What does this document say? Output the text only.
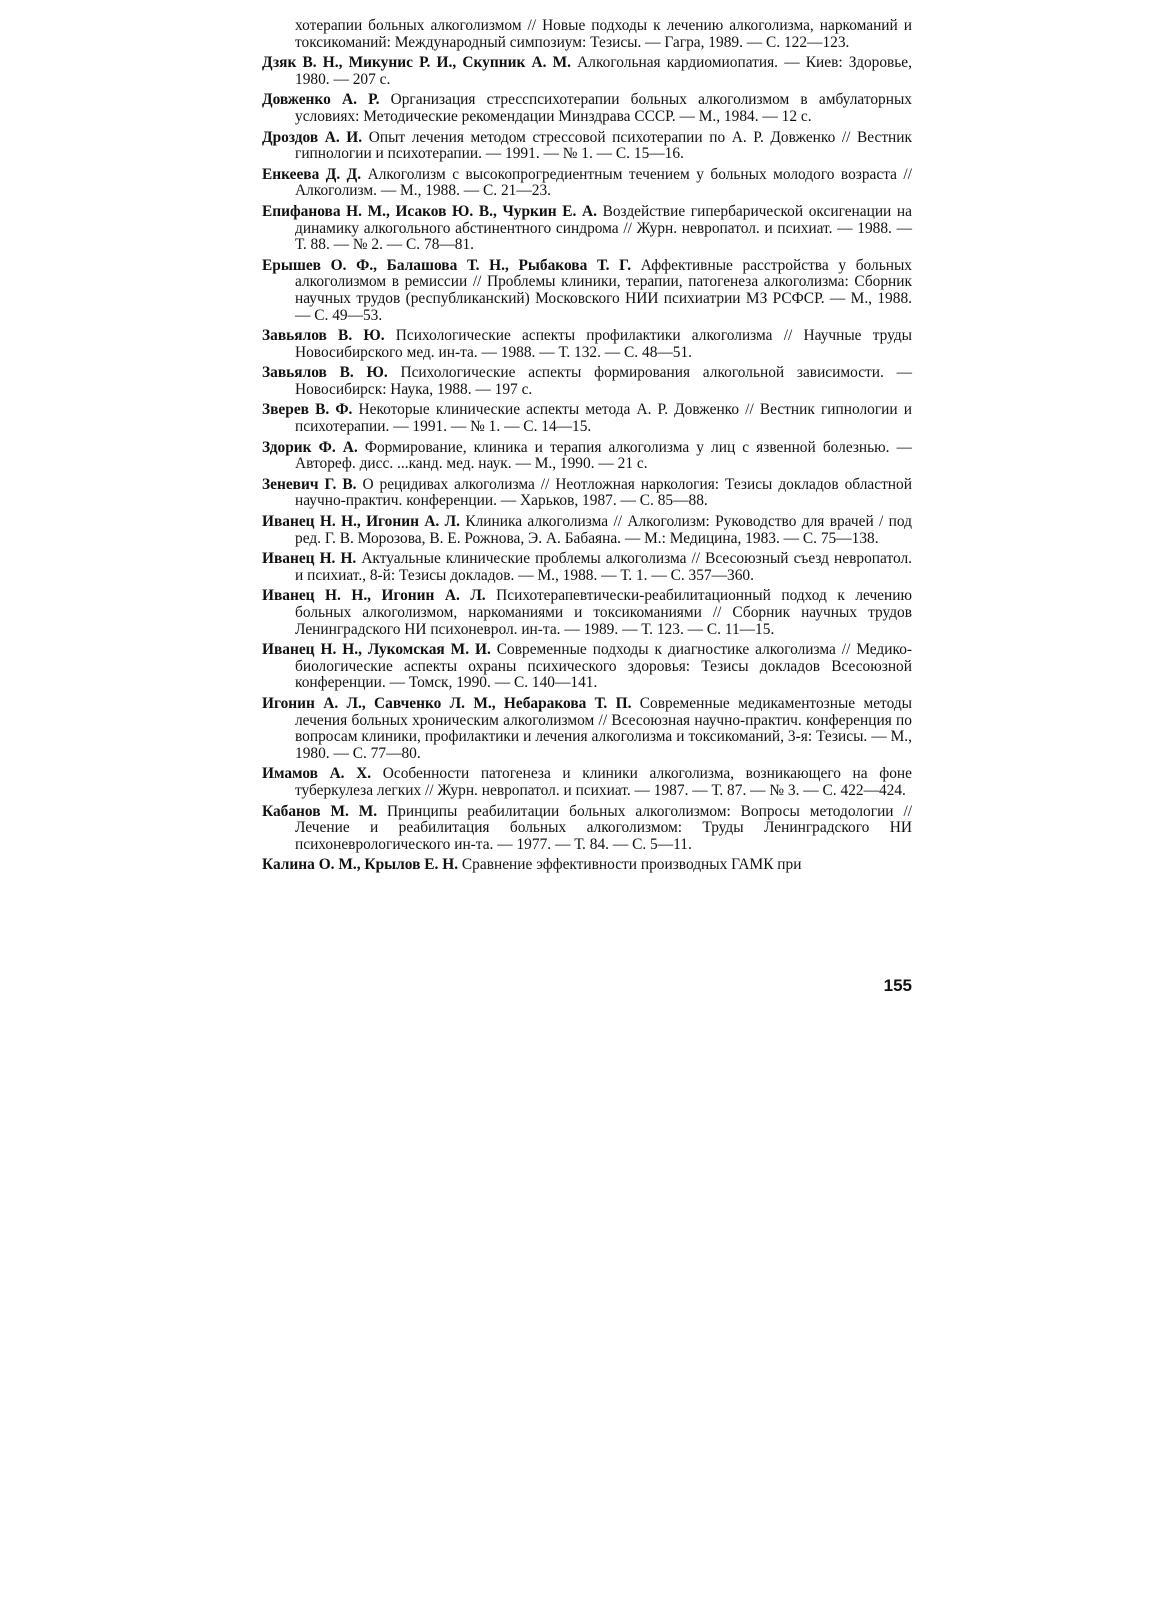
хотерапии больных алкоголизмом // Новые подходы к лечению алкоголизма, наркоманий и токсикоманий: Международный симпозиум: Тезисы. — Гагра, 1989. — С. 122—123.

Дзяк В. Н., Микунис Р. И., Скупник А. М. Алкогольная кардиомиопатия. — Киев: Здоровье, 1980. — 207 с.

Довженко А. Р. Организация стресспсихотерапии больных алкоголизмом в амбулаторных условиях: Методические рекомендации Минздрава СССР. — М., 1984. — 12 с.

Дроздов А. И. Опыт лечения методом стрессовой психотерапии по А. Р. Довженко // Вестник гипнологии и психотерапии. — 1991. — № 1. — С. 15—16.

Енкеева Д. Д. Алкоголизм с высокопрогредиентным течением у больных молодого возраста // Алкоголизм. — М., 1988. — С. 21—23.

Епифанова Н. М., Исаков Ю. В., Чуркин Е. А. Воздействие гипербарической оксигенации на динамику алкогольного абстинентного синдрома // Журн. невропатол. и психиат. — 1988. — Т. 88. — № 2. — С. 78—81.

Ерышев О. Ф., Балашова Т. Н., Рыбакова Т. Г. Аффективные расстройства у больных алкоголизмом в ремиссии // Проблемы клиники, терапии, патогенеза алкоголизма: Сборник научных трудов (республиканский) Московского НИИ психиатрии МЗ РСФСР. — М., 1988. — С. 49—53.

Завьялов В. Ю. Психологические аспекты профилактики алкоголизма // Научные труды Новосибирского мед. ин-та. — 1988. — Т. 132. — С. 48—51.

Завьялов В. Ю. Психологические аспекты формирования алкогольной зависимости. — Новосибирск: Наука, 1988. — 197 с.

Зверев В. Ф. Некоторые клинические аспекты метода А. Р. Довженко // Вестник гипнологии и психотерапии. — 1991. — № 1. — С. 14—15.

Здорик Ф. А. Формирование, клиника и терапия алкоголизма у лиц с язвенной болезнью. — Автореф. дисс. ...канд. мед. наук. — М., 1990. — 21 с.

Зеневич Г. В. О рецидивах алкоголизма // Неотложная наркология: Тезисы докладов областной научно-практич. конференции. — Харьков, 1987. — С. 85—88.

Иванец Н. Н., Игонин А. Л. Клиника алкоголизма // Алкоголизм: Руководство для врачей / под ред. Г. В. Морозова, В. Е. Рожнова, Э. А. Бабаяна. — М.: Медицина, 1983. — С. 75—138.

Иванец Н. Н. Актуальные клинические проблемы алкоголизма // Всесоюзный съезд невропатол. и психиат., 8-й: Тезисы докладов. — М., 1988. — Т. 1. — С. 357—360.

Иванец Н. Н., Игонин А. Л. Психотерапевтически-реабилитационный подход к лечению больных алкоголизмом, наркоманиями и токсикоманиями // Сборник научных трудов Ленинградского НИ психоневрол. ин-та. — 1989. — Т. 123. — С. 11—15.

Иванец Н. Н., Лукомская М. И. Современные подходы к диагностике алкоголизма // Медико-биологические аспекты охраны психического здоровья: Тезисы докладов Всесоюзной конференции. — Томск, 1990. — С. 140—141.

Игонин А. Л., Савченко Л. М., Небаракова Т. П. Современные медикаментозные методы лечения больных хроническим алкоголизмом // Всесоюзная научно-практич. конференция по вопросам клиники, профилактики и лечения алкоголизма и токсикоманий, 3-я: Тезисы. — М., 1980. — С. 77—80.

Имамов А. Х. Особенности патогенеза и клиники алкоголизма, возникающего на фоне туберкулеза легких // Журн. невропатол. и психиат. — 1987. — Т. 87. — № 3. — С. 422—424.

Кабанов М. М. Принципы реабилитации больных алкоголизмом: Вопросы методологии // Лечение и реабилитация больных алкоголизмом: Труды Ленинградского НИ психоневрологического ин-та. — 1977. — Т. 84. — С. 5—11.

Калина О. М., Крылов Е. Н. Сравнение эффективности производных ГАМК при

155
